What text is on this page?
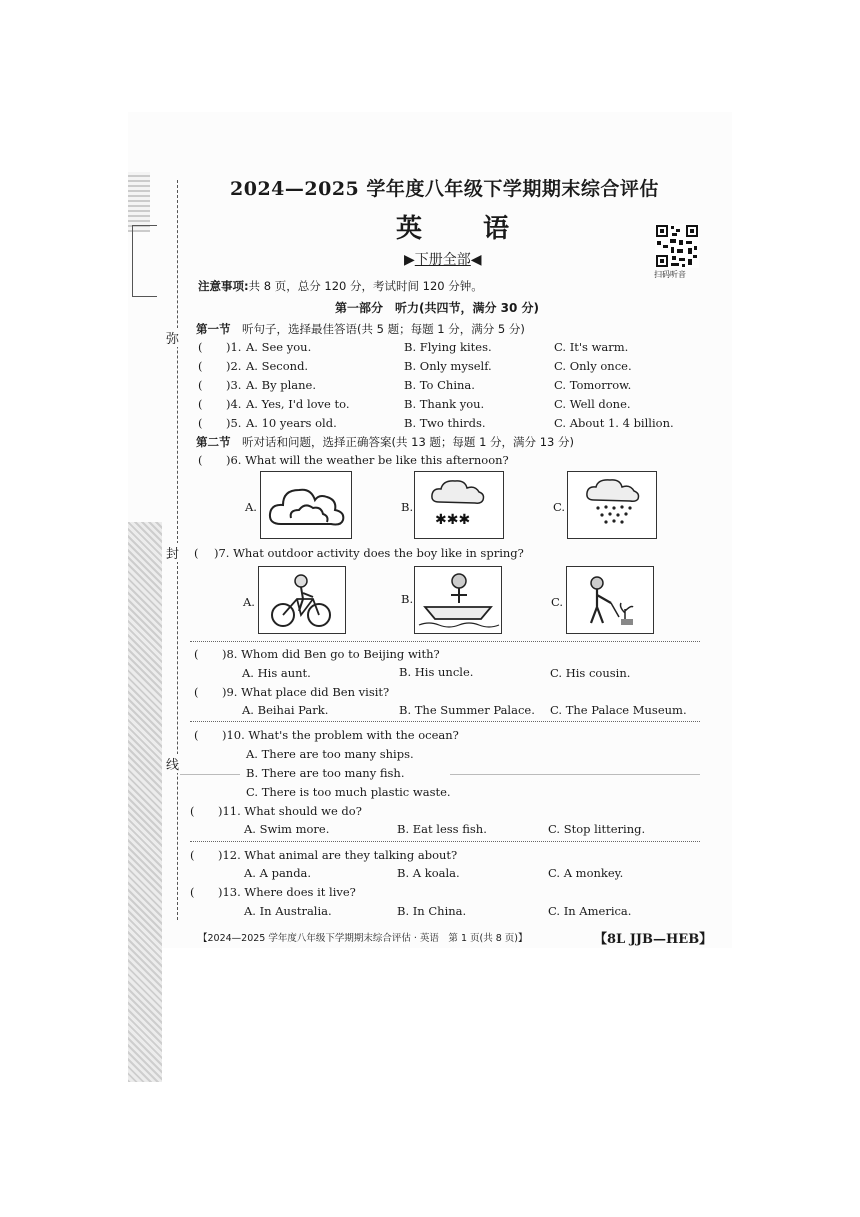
弥
封
线
2024—2025 学年度八年级下学期期末综合评估
英 语
▶下册全部◀
扫码听音
注意事项:共 8 页，总分 120 分，考试时间 120 分钟。
第一部分　听力(共四节，满分 30 分)
第一节　 听句子，选择最佳答语(共 5 题；每题 1 分，满分 5 分)
( )1. A. See you.	B. Flying kites.	C. It's warm.
( )2. A. Second.	B. Only myself.	C. Only once.
( )3. A. By plane.	B. To China.	C. Tomorrow.
( )4. A. Yes, I'd love to.	B. Thank you.	C. Well done.
( )5. A. 10 years old.	B. Two thirds.	C. About 1. 4 billion.
第二节　 听对话和问题，选择正确答案(共 13 题；每题 1 分，满分 13 分)
( )6. What will the weather be like this afternoon?
A.	B.
✱✱✱
C.
( )7. What outdoor activity does the boy like in spring?
A.	B.	C.
( )8. Whom did Ben go to Beijing with?
A. His aunt.	B. His uncle.	C. His cousin.
( )9. What place did Ben visit?
A. Beihai Park.	B. The Summer Palace. C. The Palace Museum.
( )10. What's the problem with the ocean?
A. There are too many ships.
B. There are too many fish.
C. There is too much plastic waste.
( )11. What should we do?
A. Swim more.	B. Eat less fish.	C. Stop littering.
( )12. What animal are they talking about?
A. A panda.	B. A koala.	C. A monkey.
( )13. Where does it live?
A. In Australia.	B. In China.	C. In America.
【2024—2025 学年度八年级下学期期末综合评估 · 英语　第 1 页(共 8 页)】	【8L JJB—HEB】
